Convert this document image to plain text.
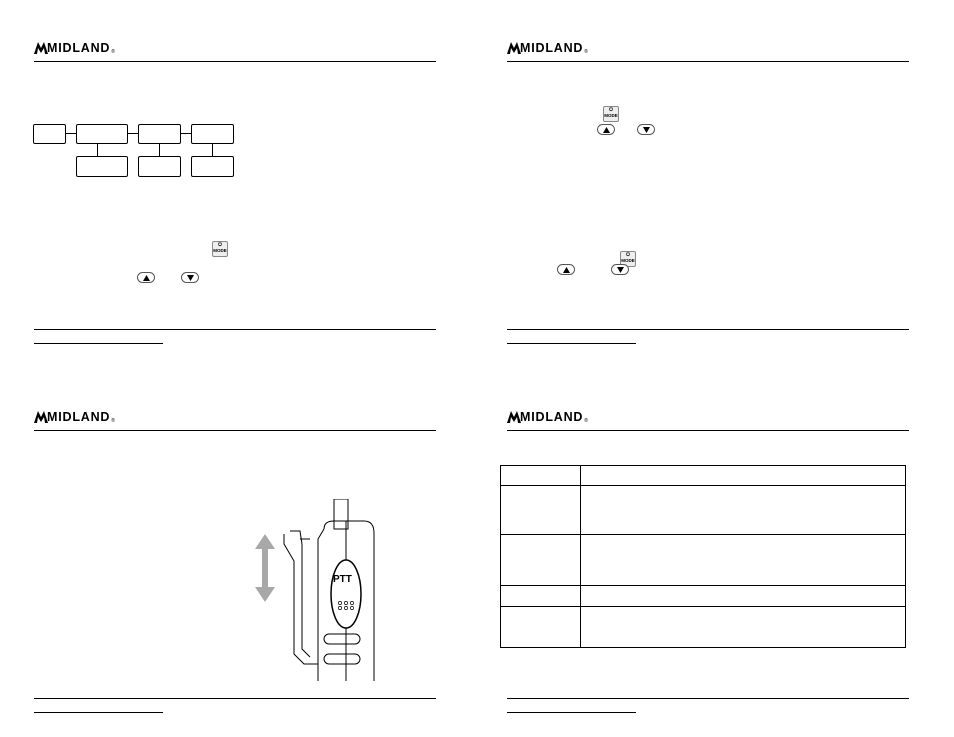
MIDLAND ®
⏻
MODE
MIDLAND ®
⏻
MODE
⏻
MODE
MIDLAND ®
PTT
MIDLAND ®
